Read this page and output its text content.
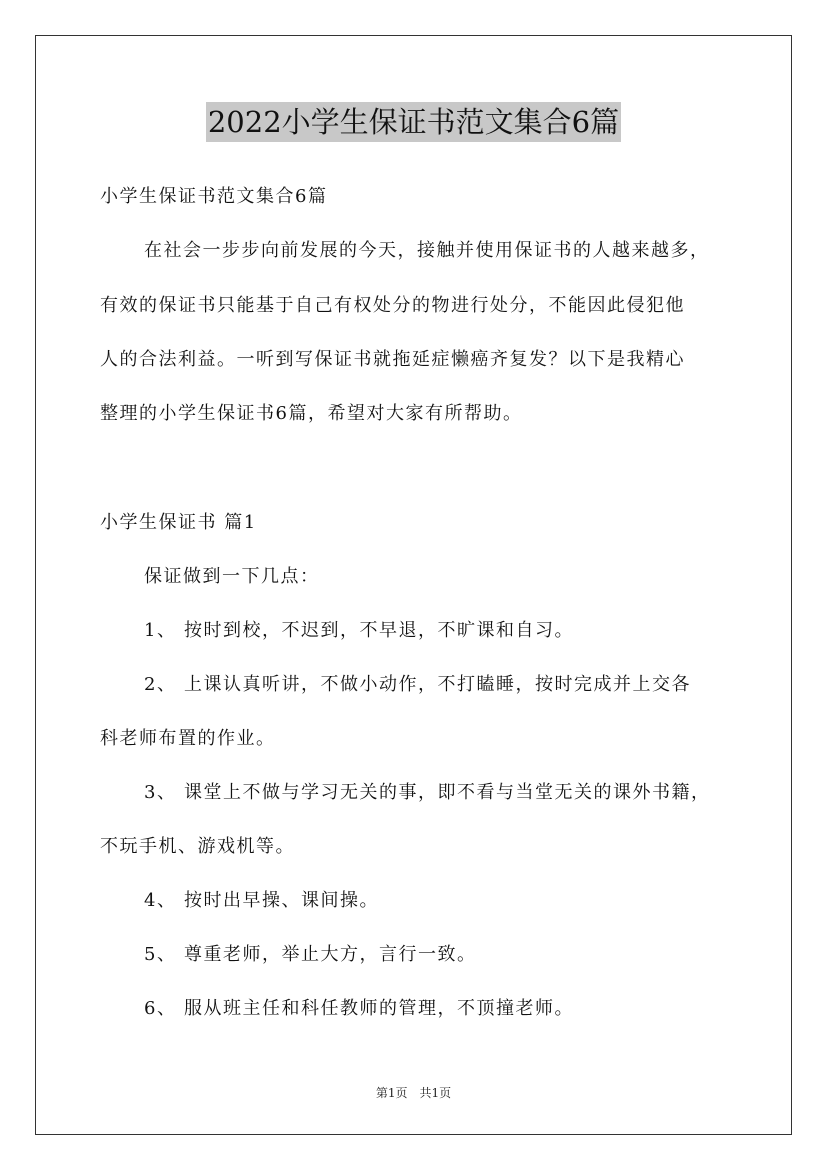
2022小学生保证书范文集合6篇
小学生保证书范文集合6篇
在社会一步步向前发展的今天，接触并使用保证书的人越来越多，
有效的保证书只能基于自己有权处分的物进行处分，不能因此侵犯他
人的合法利益。一听到写保证书就拖延症懒癌齐复发？以下是我精心
整理的小学生保证书6篇，希望对大家有所帮助。
小学生保证书 篇1
保证做到一下几点：
1、 按时到校，不迟到，不早退，不旷课和自习。
2、 上课认真听讲，不做小动作，不打瞌睡，按时完成并上交各
科老师布置的作业。
3、 课堂上不做与学习无关的事，即不看与当堂无关的课外书籍，
不玩手机、游戏机等。
4、 按时出早操、课间操。
5、 尊重老师，举止大方，言行一致。
6、 服从班主任和科任教师的管理，不顶撞老师。
第1页　共1页
